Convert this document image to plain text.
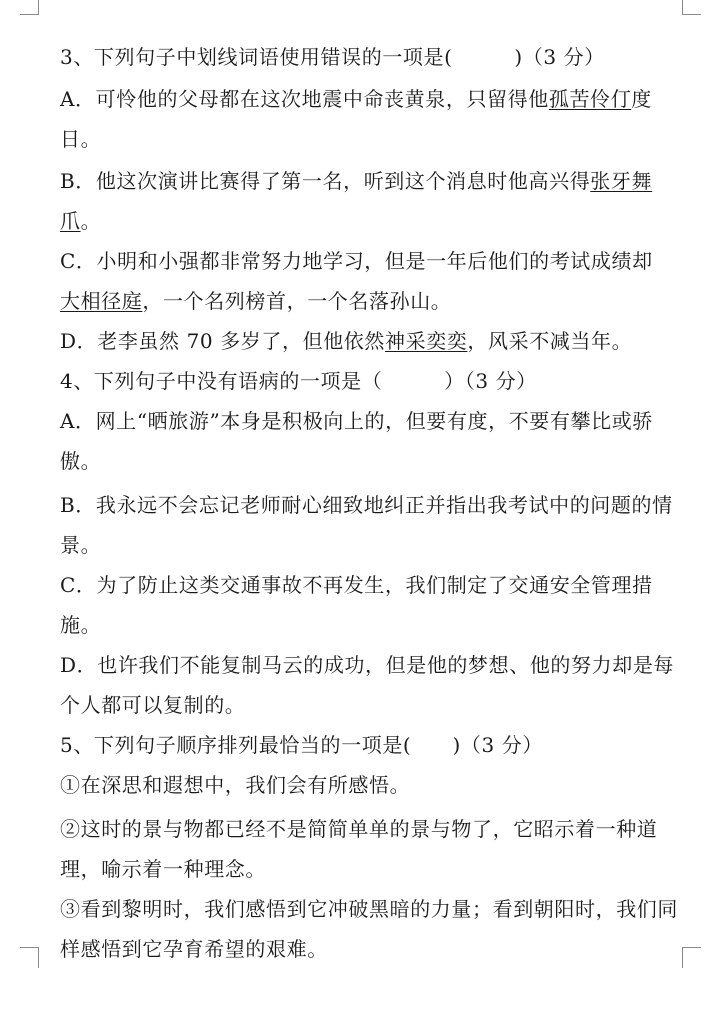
3、下列句子中划线词语使用错误的一项是(　　　)（3 分）
A．可怜他的父母都在这次地震中命丧黄泉，只留得他孤苦伶仃度
日。
B．他这次演讲比赛得了第一名，听到这个消息时他高兴得张牙舞
爪。
C．小明和小强都非常努力地学习，但是一年后他们的考试成绩却
大相径庭，一个名列榜首，一个名落孙山。
D．老李虽然 70 多岁了，但他依然神采奕奕，风采不减当年。
4、下列句子中没有语病的一项是（　　　）（3 分）
A．网上“晒旅游”本身是积极向上的，但要有度，不要有攀比或骄
傲。
B．我永远不会忘记老师耐心细致地纠正并指出我考试中的问题的情
景。
C．为了防止这类交通事故不再发生，我们制定了交通安全管理措
施。
D．也许我们不能复制马云的成功，但是他的梦想、他的努力却是每
个人都可以复制的。
5、下列句子顺序排列最恰当的一项是(　　)（3 分）
①在深思和遐想中，我们会有所感悟。
②这时的景与物都已经不是简简单单的景与物了，它昭示着一种道
理，喻示着一种理念。
③看到黎明时，我们感悟到它冲破黑暗的力量；看到朝阳时，我们同
样感悟到它孕育希望的艰难。
